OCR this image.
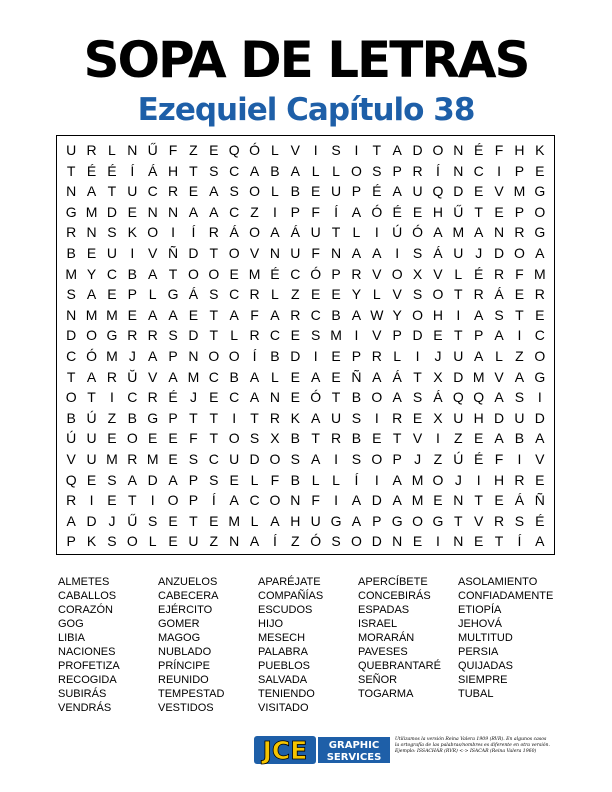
SOPA DE LETRAS
Ezequiel Capítulo 38
U R L N Ű F Z E Q Ó L V I S I	T A D O N É F H K
T É É Í Á H T S C A B A L L O S P R Í N C I P E
N A T U C R E A S O L B E U P É A U Q D E V M G
G M D E N N A A C Z	I P F	Í A Ó É E H Ű T E P O
R N S K O I	Í R Á O A Á U T L	I Ú Ó A M A N R G
B E U I V Ñ D T O V N U F N A A I S Á U J D O A
M Y C B A T O O E M É C Ó P R V O X V L É R F M
S A E P L G Á S C R L Z E E Y L V S O T R Á E R
N M M E A A E T A F A R C B A W Y O H I A S T E
D O G R R S D T L R C E S M I V P D E T P A I C
C Ó M J A P N O O Í B D I E P R L	I	J U A L Z O
T A R Ŭ V A M C B A L E A E Ñ A Á T X D M V A G
O T	I C R É J E C A N E Ó T B O A S Á Q Q A S I
B Ú Z B G P T T	I	T R K A U S I R E X U H D U D
Ú U E O E E F T O S X B T R B E T V I	Z E A B A
V U M R M E S C U D O S A I S O P J Z Ú É F	I V
Q E S A D A P S E L F B L L	Í	I A M O J	I H R E
R I E T	I O P Í A C O N F	I A D A M E N T E Á Ñ
A D J Ű S E T E M L A H U G A P G O G T V R S É
P K S O L E U Z N A Í	Z Ó S O D N E I N E T	Í A
ALMETES	ANZUELOS	APARÉJATE	APERCÍBETE	ASOLAMIENTO
CABALLOS	CABECERA	COMPAÑÍAS	CONCEBIRÁS	CONFIADAMENTE
CORAZÓN	EJÉRCITO	ESCUDOS	ESPADAS	ETIOPÍA
GOG	GOMER	HIJO	ISRAEL	JEHOVÁ
LIBIA	MAGOG	MESECH	MORARÁN	MULTITUD
NACIONES	NUBLADO	PALABRA	PAVESES	PERSIA
PROFETIZA	PRÍNCIPE	PUEBLOS	QUEBRANTARÉ	QUIJADAS
RECOGIDA	REUNIDO	SALVADA	SEÑOR	SIEMPRE
SUBIRÁS	TEMPESTAD	TENIENDO	TOGARMA	TUBAL
VENDRÁS	VESTIDOS	VISITADO
JCE GRAPHIC
SERVICES
Utilizamos la versión Reina Valera 1909 (RVR). En algunos casos
la ortografía de las palabras/nombres es diferente en otra versión.
Ejemplo: ISSACHÁR (RVR) <-> ISACAR (Reina Valera 1960)
